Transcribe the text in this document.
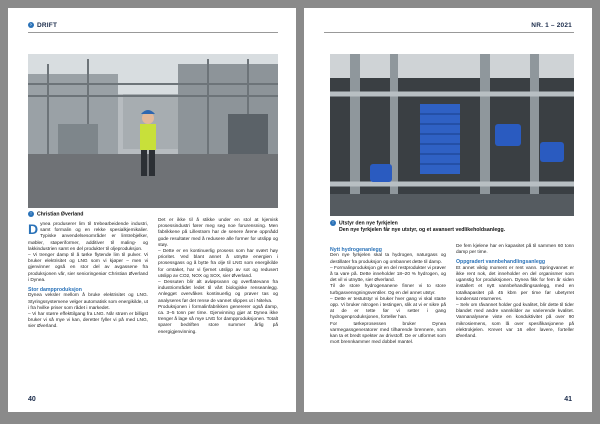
› DRIFT
↑ Christian Øverland

Dynea produserer lim til trebearbeidende industri, samt formalin og en rekke spesialkjemikalier. Typiske anvendelsesområder er limtrebjelker, møbler, støperiformer, additiver til maling- og lakkindustrien samt en del produkter til oljeproduksjon.

– Vi trenger damp til å tørke flytende lim til pulver. Vi bruker elektrisitet og LNG som vi kjøper – men vi gjenvinner også en stor del av avgassene fra produksjonen vår, sier senioringeniør Christian Øverland i Dynea.

Stor dampproduksjon

Dynea veksler mellom å bruke elektrisitet og LNG. Styringssystemene velger automatisk som energikilde, ut i fra hvilke priser som rådet i markedet.

– Vi har større effekttilgang fra LNG. Når strøm er billigst bruker vi så mye vi kan, deretter fyller vi på med LNG, sier Øverland.

Det er ikke til å stikke under en stol at kjemisk prosessindustri fører meg seg noe forurensning. Men fabrikkene på Lillestrøm har de senere årene oppnådd gode resultater med å redusere alle former for utslipp og støy.

– Dette er en kontinuerlig prosess som har svært høy prioritet. Ved blant annet å utnytte energien i prosessgass og å bytte fra olje til LNG som energikilde for omtaket, har vi fjernet utslipp av sot og redusert utslipp av CO2, NOX og SOX, sier Øverland.

– Dessuten blir alt avløpsvann og overflatevann fra industriområdet ledet til vårt biologiske renseanlegg. Anlegget overvåkes kontinuerlig og prøver tas og analyseres før det rense de vannet slippes ut i Nitelva.

Produksjonen i formalinfabrikken genererer også damp, ca. 3–5 tonn per time. Gjenvinning gjør at Dynea ikke trenger å lage så mye LNG for dampproduksjonen. Totalt sparer bedriften store summer årlig på energigjenvinning.

40
NR. 1 – 2021
↑ Utstyr den nye fyrkjelen
Den nye fyrkjelen får nye utstyr, og et avansert vedlikeholdsanlegg.
Nytt hydrogenanlegg

Den nye fyrkjelen skal ta hydrogen, naturgass og destillater fra produksjon og ombannet dette til damp.

– Formalinproduksjon gir en del restprodukter vi prøver å ta vare på. Dette inneholder 18–20 % hydrogen, og det vil vi utnytte, sier Øverland.

Til de store hydrogenanene finner vi to store turbgasvenngningsventiler. Og en del annet utstyr.

– Dette er testutstyr vi bruker hver gang vi skal starte opp. Vi bruker nitrogen i testingen, slik at vi er sikre på at de er tette før vi setter i gang hydrogenproduksjonen, forteller han.

For tørkeprosessen bruker Dynea varmegassgeneratorer med tilhørende brennere, som kan ta et bredt spekter av drivstoff. De er utformet som mort brennkammer med dobbel mantel.

De fem kjelene har en kapasitet på til sammen 60 tonn damp per time.

Oppgradert vannbehandlingsanlegg

Et annet viktig moment er rent vann. Springvannet er ikke rent nok, det inneholder en del organismer som uganstig for produksjonen. Dynea fikk for fem år siden installert et nytt vannbehandlingsanlegg, med en totalkapasitet på 45 kbm per time før ubetyrret kondensat returneres.

– Selv om råvannet holder god kvalitet, blir dette til tider blandet med andre vannkilder av varierende kvalitet. Vannanalysene viste en konduktivitet på over 90 mikrosiemens, som lå over spesifikasjonene på elektrokjelen. Krevet var 16 eller lavere, forteller Øverland.

41
